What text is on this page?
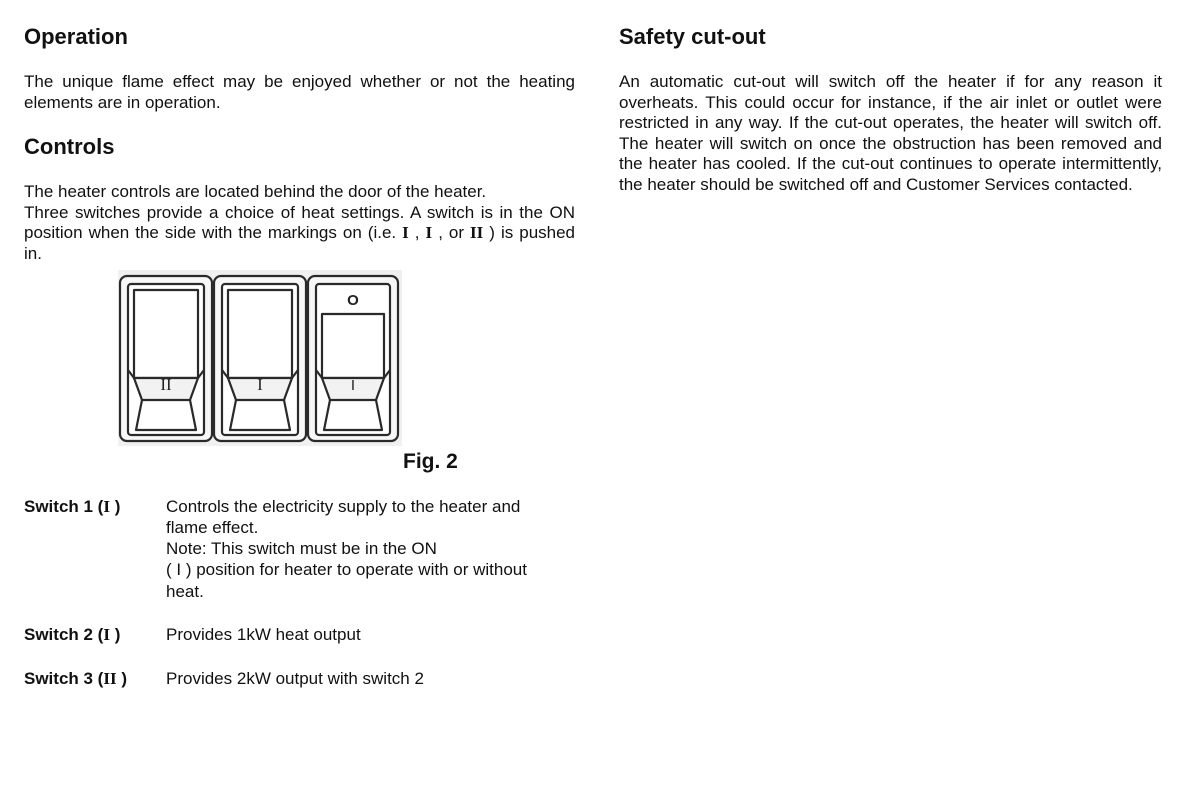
Operation
The unique flame effect may be enjoyed whether or not the heating elements are in operation.
Controls
The heater controls are located behind the door of the heater.
Three switches provide a choice of heat settings. A switch is in the ON position when the side with the markings on (i.e. I , I , or II ) is pushed in.
Safety cut-out
An automatic cut-out will switch off the heater if for any reason it overheats. This could occur for instance, if the air inlet or outlet were restricted in any way. If the cut-out operates, the heater will switch off. The heater will switch on once the obstruction has been removed and the heater has cooled. If the cut-out continues to operate intermittently, the heater should be switched off and Customer Services contacted.
II	I	I
O
Fig. 2
Switch 1 (I )	Controls the electricity supply to the heater and flame effect.

Note: This switch must be in the ON

( I ) position for heater to operate with or without

heat.

Switch 2 (I )	Provides 1kW heat output
Switch 3 (II ) Provides 2kW output with switch 2
